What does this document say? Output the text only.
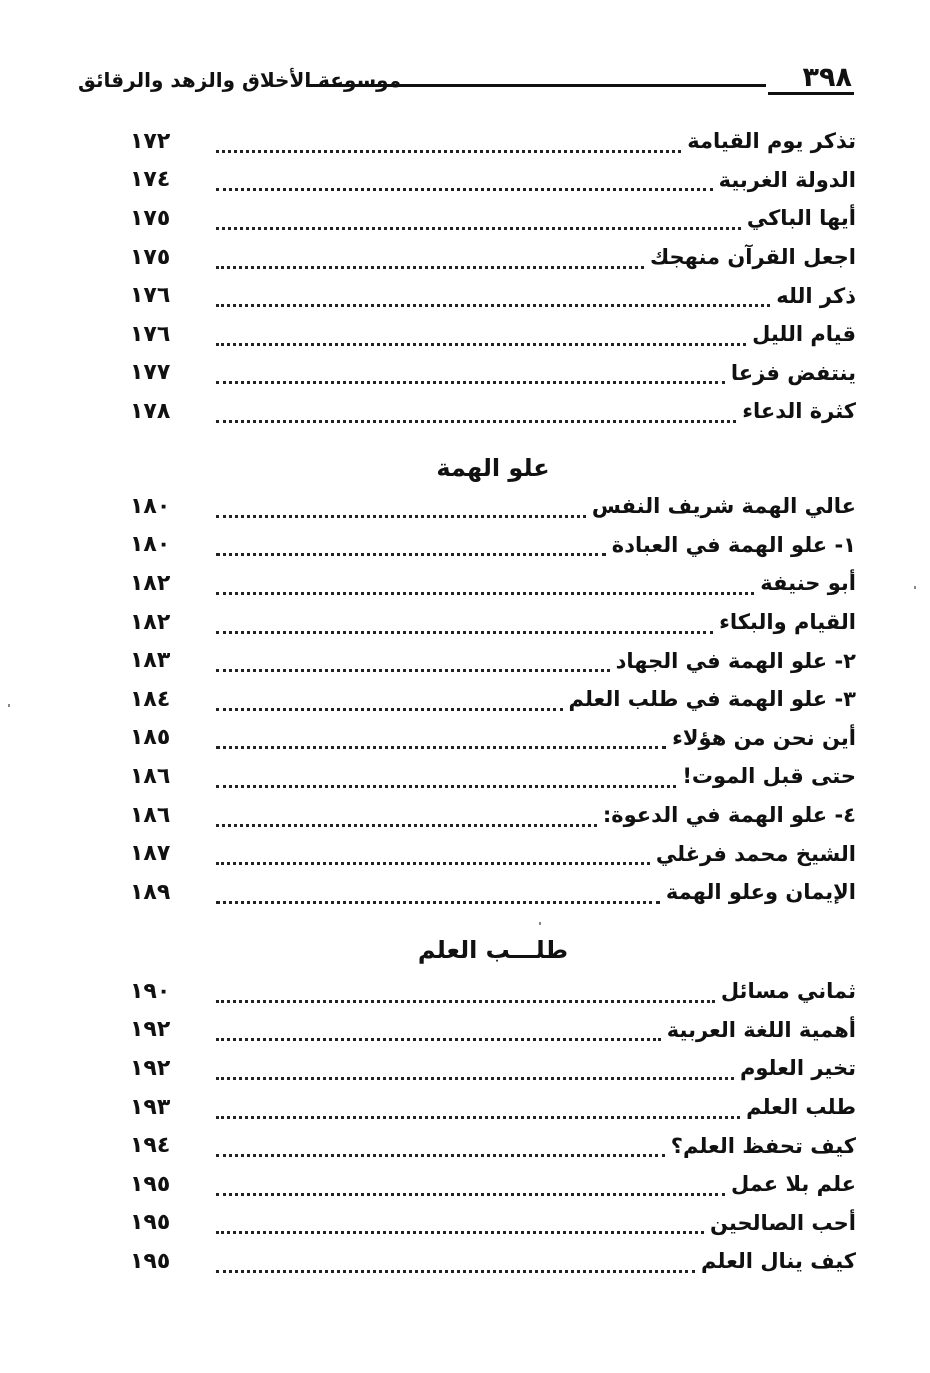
موسوعة الأخلاق والزهد والرقائق	٣٩٨
١٧٢	تذكر يوم القيامة
١٧٤	الدولة الغربية
١٧٥	أيها الباكي
١٧٥	اجعل القرآن منهجك
١٧٦	ذكر الله
١٧٦	قيام الليل
١٧٧	ينتفض فزعا
١٧٨	كثرة الدعاء
علو الهمة
١٨٠	عالي الهمة شريف النفس
١٨٠	١- علو الهمة في العبادة
١٨٢	أبو حنيفة
١٨٢	القيام والبكاء
١٨٣	٢- علو الهمة في الجهاد
١٨٤	٣- علو الهمة في طلب العلم
١٨٥	أين نحن من هؤلاء
١٨٦	حتى قبل الموت!
١٨٦	٤- علو الهمة في الدعوة:
١٨٧	الشيخ محمد فرغلي
١٨٩	الإيمان وعلو الهمة
طلـــب العلم
١٩٠	ثماني مسائل
١٩٢	أهمية اللغة العربية
١٩٢	تخير العلوم
١٩٣	طلب العلم
١٩٤	كيف تحفظ العلم؟
١٩٥	علم بلا عمل
١٩٥	أحب الصالحين
١٩٥	كيف ينال العلم
